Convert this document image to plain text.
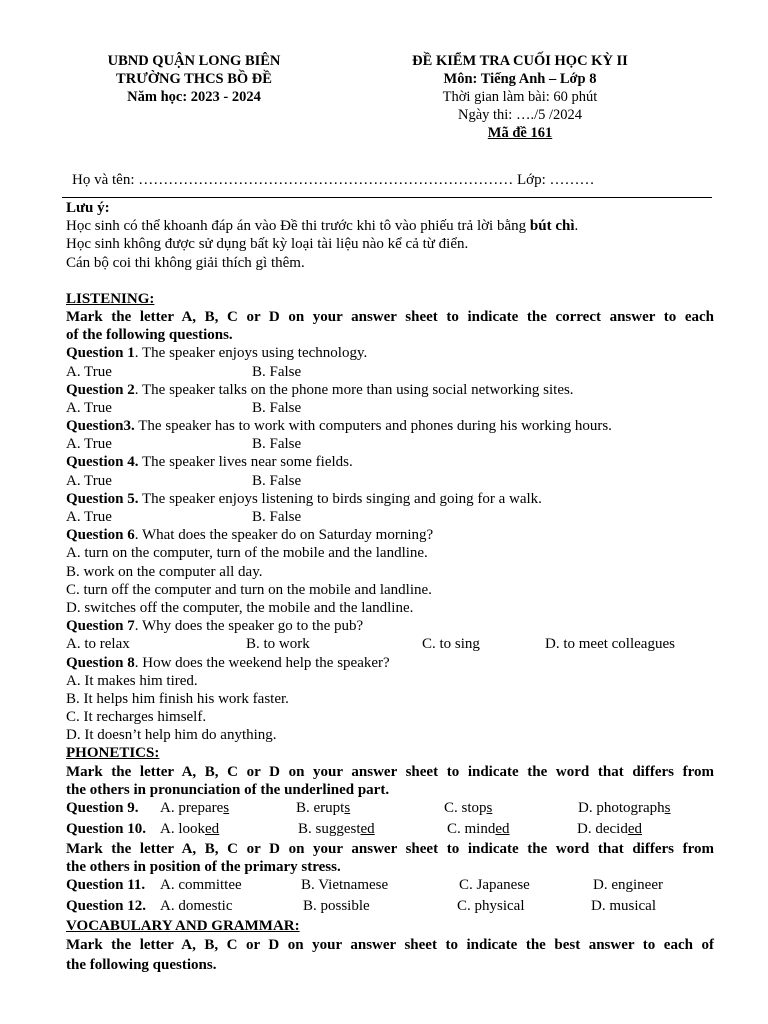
UBND QUẬN LONG BIÊN
TRƯỜNG THCS BỒ ĐỀ
Năm học: 2023 - 2024
ĐỀ KIỂM TRA CUỐI HỌC KỲ II
Môn: Tiếng Anh – Lớp 8
Thời gian làm bài: 60 phút
Ngày thi: …./5 /2024
Mã đề 161
Họ và tên: ………………………………………………………………… Lớp: ………
Lưu ý:
Học sinh có thể khoanh đáp án vào Đề thi trước khi tô vào phiếu trả lời bằng bút chì.
Học sinh không được sử dụng bất kỳ loại tài liệu nào kể cả từ điển.
Cán bộ coi thi không giải thích gì thêm.
LISTENING:
Mark the letter A, B, C or D on your answer sheet to indicate the correct answer to each
of the following questions.
Question 1. The speaker enjoys using technology.
A. True	B. False
Question 2. The speaker talks on the phone more than using social networking sites.
A. True	B. False
Question3. The speaker has to work with computers and phones during his working hours.
A. True	B. False
Question 4. The speaker lives near some fields.
A. True	B. False
Question 5. The speaker enjoys listening to birds singing and going for a walk.
A. True	B. False
Question 6. What does the speaker do on Saturday morning?
A. turn on the computer, turn of the mobile and the landline.
B. work on the computer all day.
C. turn off the computer and turn on the mobile and landline.
D. switches off the computer, the mobile and the landline.
Question 7. Why does the speaker go to the pub?
A. to relax	B. to work	C. to sing	D. to meet colleagues
Question 8. How does the weekend help the speaker?
A. It makes him tired.
B. It helps him finish his work faster.
C. It recharges himself.
D. It doesn’t help him do anything.
PHONETICS:
Mark the letter A, B, C or D on your answer sheet to indicate the word that differs from
the others in pronunciation of the underlined part.
Question 9. A. prepares	B. erupts	C. stops	D. photographs
Question 10. A. looked	B. suggested	C. minded	D. decided
Mark the letter A, B, C or D on your answer sheet to indicate the word that differs from
the others in position of the primary stress.
Question 11. A. committee	B. Vietnamese	C. Japanese	D. engineer
Question 12. A. domestic	B. possible	C. physical	D. musical
VOCABULARY AND GRAMMAR:
Mark the letter A, B, C or D on your answer sheet to indicate the best answer to each of
the following questions.
